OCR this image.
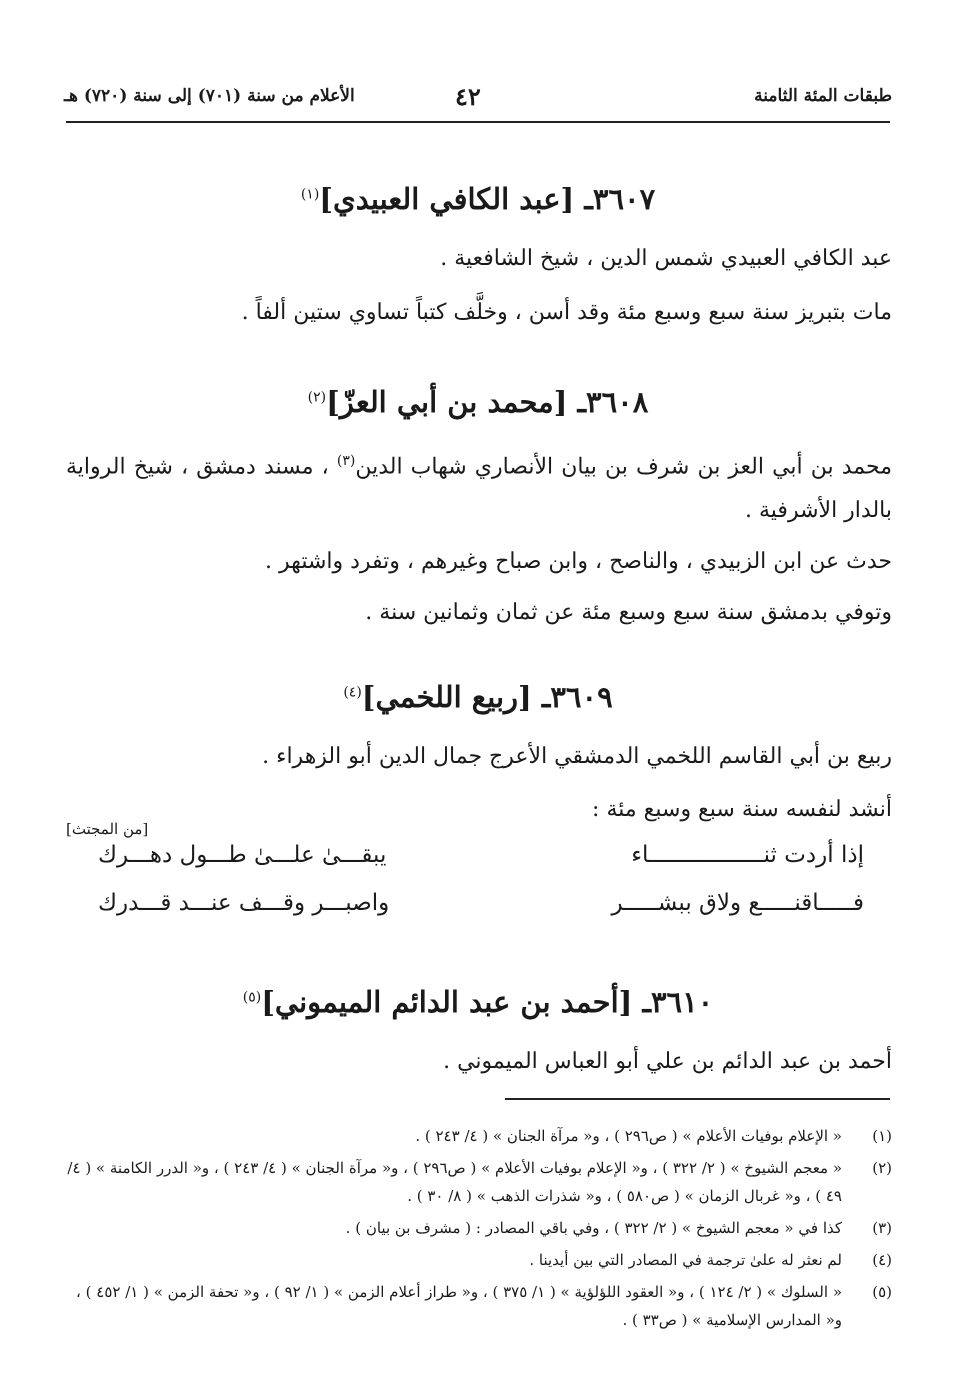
طبقات المئة الثامنة
٤٢
الأعلام من سنة (٧٠١) إلى سنة (٧٢٠) هـ
٣٦٠٧ـ [عبد الكافي العبيدي]$^{(١)}$
عبد الكافي العبيدي شمس الدين ، شيخ الشافعية .
مات بتبريز سنة سبع وسبع مئة وقد أسن ، وخلَّف كتباً تساوي ستين ألفاً .
٣٦٠٨ـ [محمد بن أبي العزّ]$^{(٢)}$
محمد بن أبي العز بن شرف بن بيان الأنصاري شهاب الدين$^{(٣)}$ ، مسند دمشق ، شيخ الرواية بالدار الأشرفية .
حدث عن ابن الزبيدي ، والناصح ، وابن صباح وغيرهم ، وتفرد واشتهر .
وتوفي بدمشق سنة سبع وسبع مئة عن ثمان وثمانين سنة .
٣٦٠٩ـ [ربيع اللخمي]$^{(٤)}$
ربيع بن أبي القاسم اللخمي الدمشقي الأعرج جمال الدين أبو الزهراء .
أنشد لنفسه سنة سبع وسبع مئة :
[من المجتث]
إذا أردت ثنـــــــــــــــــاء
يبقـــىٰ علـــىٰ طـــول دهـــرك
فـــــاقنـــــع ولاق ببشـــــر
واصبـــر وقـــف عنـــد قـــدرك
٣٦١٠ـ [أحمد بن عبد الدائم الميموني]$^{(٥)}$
أحمد بن عبد الدائم بن علي أبو العباس الميموني .
(١)
« الإعلام بوفيات الأعلام » ( ص٢٩٦ ) ، و« مرآة الجنان » ( ٤/ ٢٤٣ ) .
(٢)
« معجم الشيوخ » ( ٢/ ٣٢٢ ) ، و« الإعلام بوفيات الأعلام » ( ص٢٩٦ ) ، و« مرآة الجنان » ( ٤/ ٢٤٣ ) ، و« الدرر الكامنة » ( ٤/ ٤٩ ) ، و« غربال الزمان » ( ص٥٨٠ ) ، و« شذرات الذهب » ( ٨/ ٣٠ ) .
(٣)
كذا في « معجم الشيوخ » ( ٢/ ٣٢٢ ) ، وفي باقي المصادر : ( مشرف بن بيان ) .
(٤)
لم نعثر له علىٰ ترجمة في المصادر التي بين أيدينا .
(٥)
« السلوك » ( ٢/ ١٢٤ ) ، و« العقود اللؤلؤية » ( ١/ ٣٧٥ ) ، و« طراز أعلام الزمن » ( ١/ ٩٢ ) ، و« تحفة الزمن » ( ١/ ٤٥٢ ) ، و« المدارس الإسلامية » ( ص٣٣ ) .
